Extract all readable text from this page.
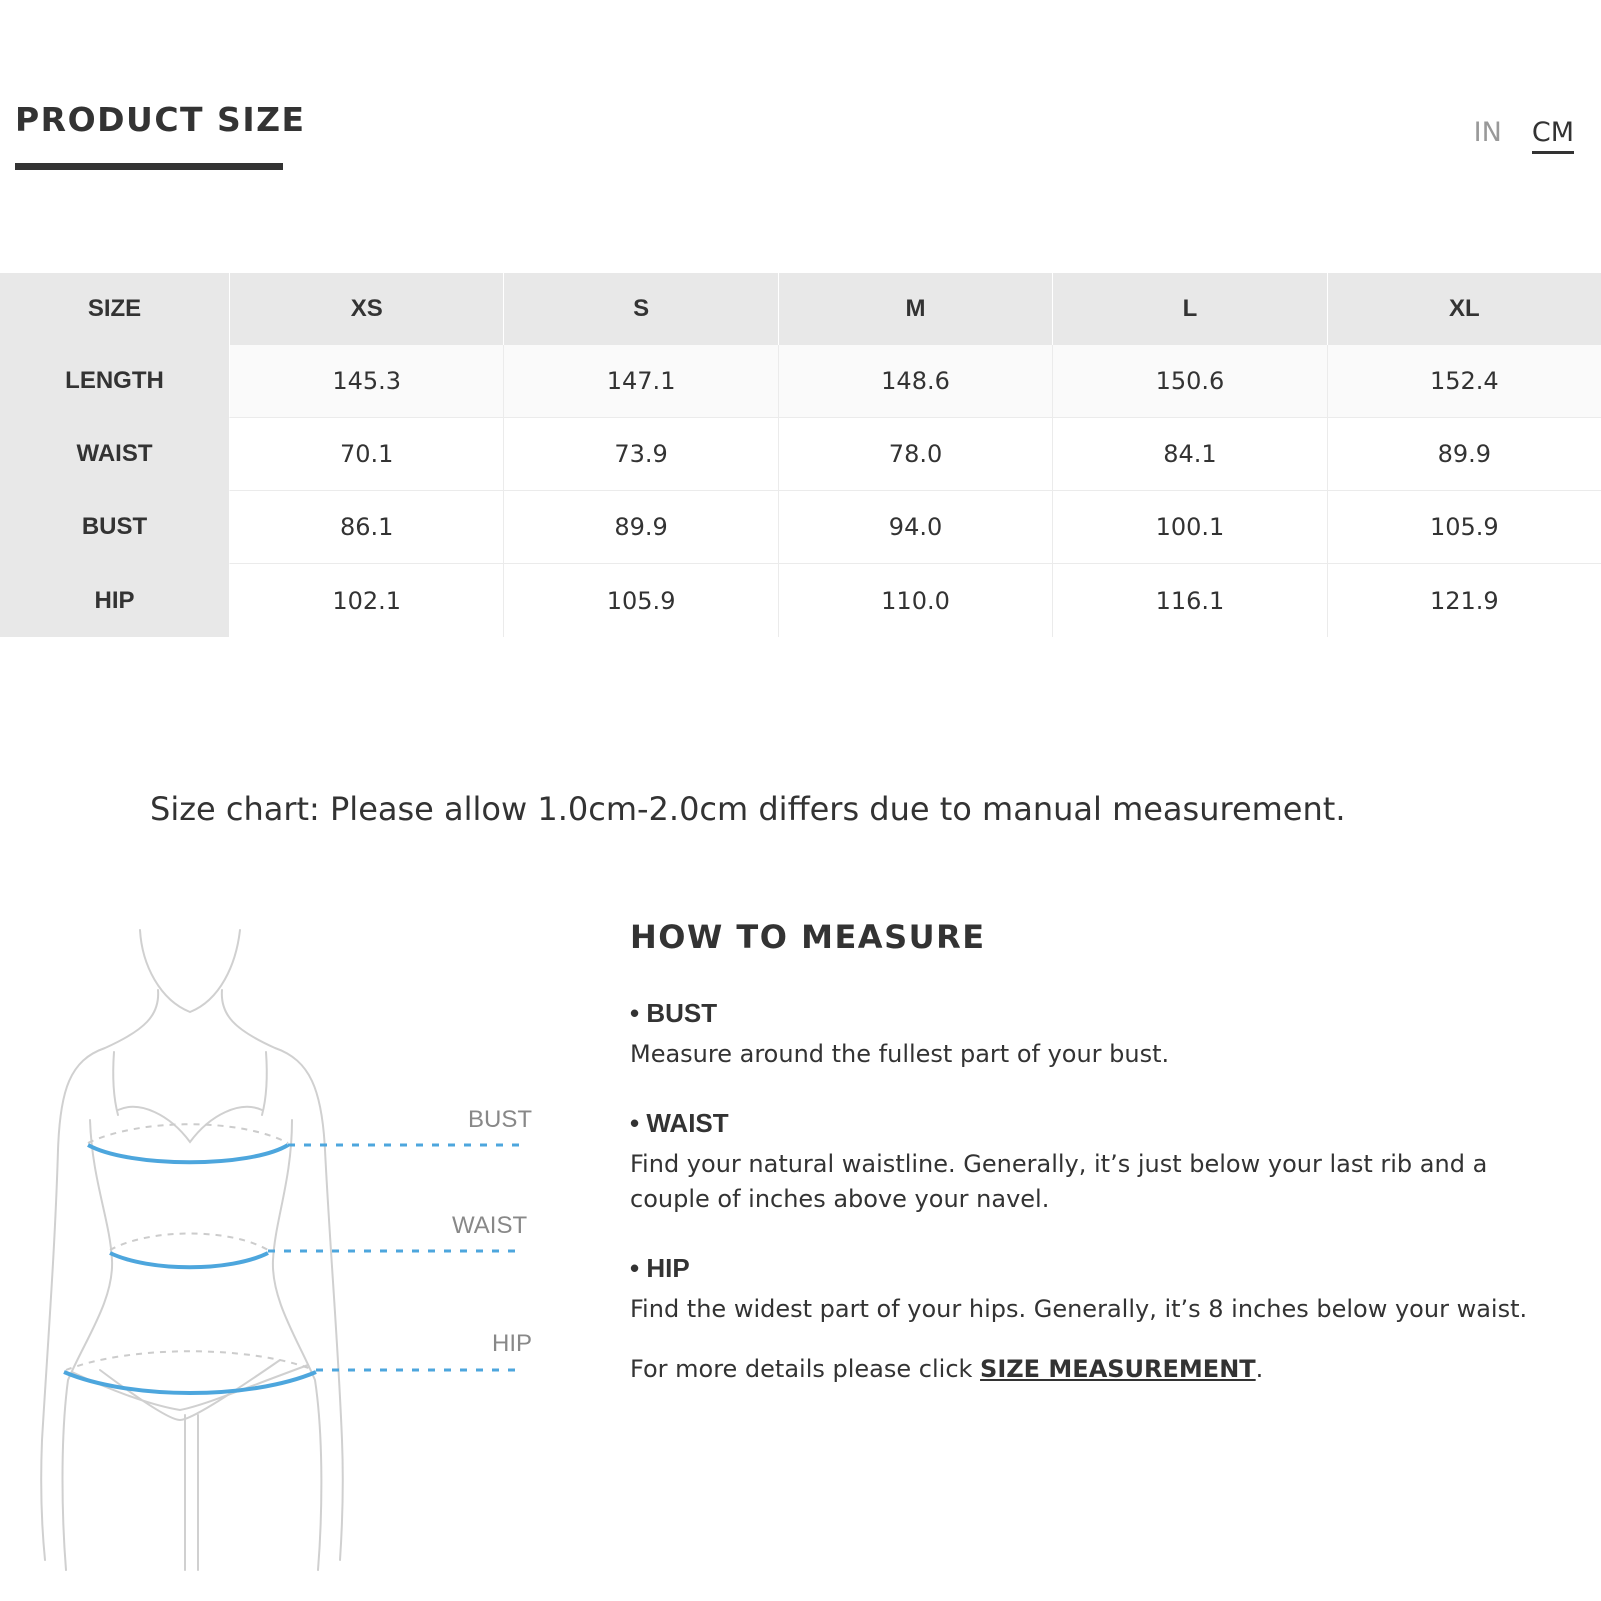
PRODUCT SIZE	IN CM
SIZE	XS	S	M	L	XL
LENGTH	145.3	147.1	148.6	150.6	152.4
WAIST	70.1	73.9	78.0	84.1	89.9
BUST	86.1	89.9	94.0	100.1	105.9
HIP	102.1	105.9	110.0	116.1	121.9
Size chart: Please allow 1.0cm-2.0cm differs due to manual measurement.
BUST
WAIST
HIP
HOW TO MEASURE
• BUST
Measure around the fullest part of your bust.
• WAIST
Find your natural waistline. Generally, it’s just below your last rib and a couple of inches above your navel.
• HIP
Find the widest part of your hips. Generally, it’s 8 inches below your waist.
For more details please click SIZE MEASUREMENT.
